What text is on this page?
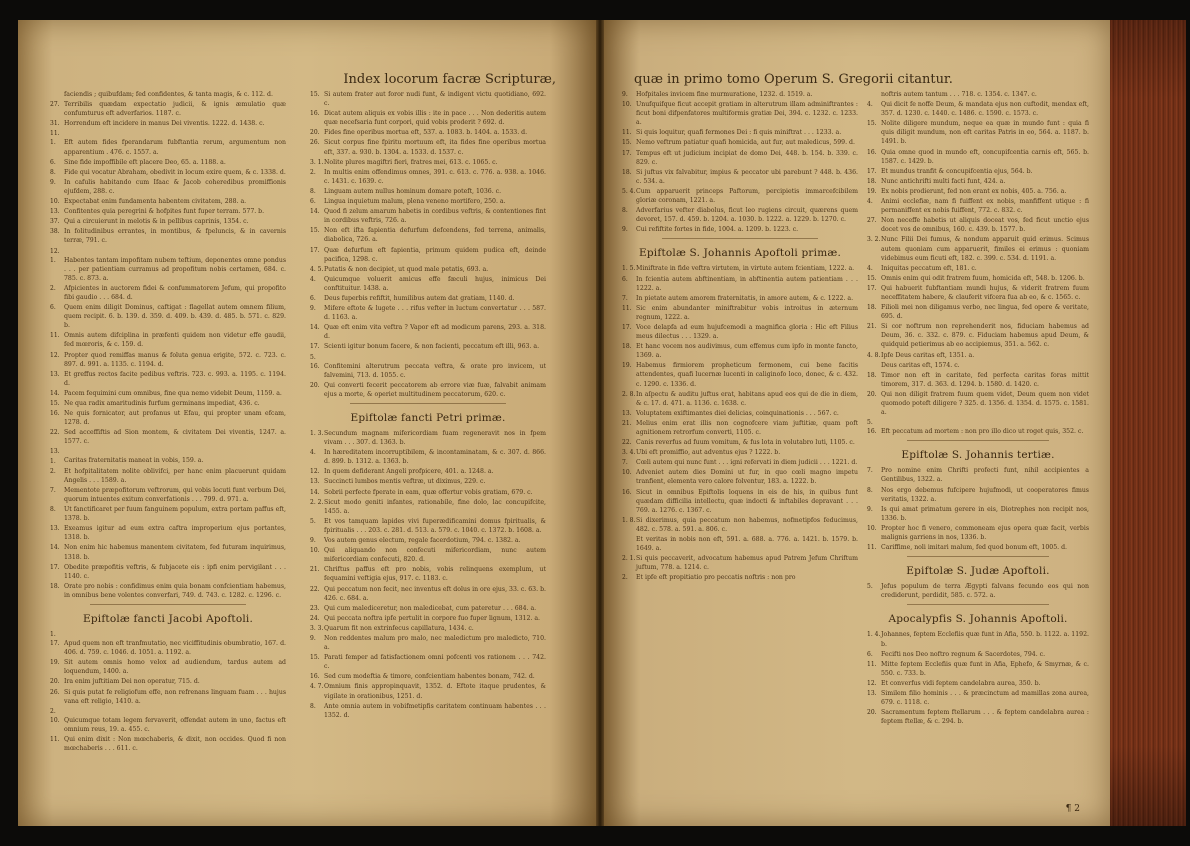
Index locorum facræ Scripturæ,
faciendis ; quibufdam; fed confidentes, & tanta magis, & c. 112. d.
27. Terribilis quædam expectatio judicii, & ignis æmulatio quæ confumturus eft adverfarios. 1187. c.
31. Horrendum eft incidere in manus Dei viventis. 1222. d. 1438. c.
11. 1. Eft autem fides fperandarum fubftantia rerum, argumentum non apparentium . 476. c. 1557. a.
6. Sine fide impoffibile eft placere Deo, 65. a. 1188. a.
8. Fide qui vocatur Abraham, obedivit in locum exire quem, & c. 1338. d.
9. In cafulis habitando cum Ifaac & Jacob coheredibus promiffionis ejufdem, 288. c.
10. Expectabat enim fundamenta habentem civitatem, 288. a.
13. Confitentes quia peregrini & hofpites funt fuper terram. 577. b.
37. Qui a circuierunt in melotis & in pellibus caprinis, 1354. c.
38. In folitudinibus errantes, in montibus, & fpeluncis, & in cavernis terræ, 791. c.
12. 1. Habentes tantam impofitam nubem teftium, deponentes omne pondus . . . per patientiam curramus ad propofitum nobis certamen, 684. c. 785. c. 873. a.
2. Afpicientes in auctorem fidei & confummatorem Jefum, qui propofito fibi gaudio . . . 684. d.
6. Quem enim diligit Dominus, caftigat : flagellat autem omnem filium, quem recipit. 6. b. 139. d. 359. d. 409. b. 439. d. 485. b. 571. c. 829. b.
11. Omnis autem difciplina in præfenti quidem non videtur effe gaudii, fed mœroris, & c. 159. d.
12. Propter quod remiffas manus & foluta genua erigite, 572. c. 723. c. 897. d. 991. a. 1135. c. 1194. d.
13. Et greffus rectos facite pedibus veftris. 723. c. 993. a. 1195. c. 1194. d.
14. Pacem fequimini cum omnibus, fine qua nemo videbit Deum, 1159. a.
15. Ne qua radix amaritudinis furfum germinans impediat, 436. c.
16. Ne quis fornicator, aut profanus ut Efau, qui propter unam efcam, 1278. d.
22. Sed acceffiftis ad Sion montem, & civitatem Dei viventis, 1247. a. 1577. c.
13. 1. Caritas fraternitatis maneat in vobis, 159. a.
2. Et hofpitalitatem nolite oblivifci, per hanc enim placuerunt quidam Angelis . . . 1589. a.
7. Mementote præpofitorum veftrorum, qui vobis locuti funt verbum Dei, quorum intuentes exitum converfationis . . . 799. d. 971. a.
8. Ut fanctificaret per fuum fanguinem populum, extra portam paffus eft, 1378. b.
13. Exeamus igitur ad eum extra caftra improperium ejus portantes, 1318. b.
14. Non enim hic habemus manentem civitatem, fed futuram inquirimus, 1318. b.
17. Obedite præpofitis veftris, & fubjacete eis : ipfi enim pervigilant . . . 1140. c.
18. Orate pro nobis : confidimus enim quia bonam confcientiam habemus, in omnibus bene volentes converfari, 749. d. 743. c. 1282. c. 1296. c.
Epiftolæ fancti Jacobi Apoftoli.
1. 17. Apud quem non eft tranfmutatio, nec viciffitudinis obumbratio, 167. d. 406. d. 759. c. 1046. d. 1051. a. 1192. a.
19. Sit autem omnis homo velox ad audiendum, tardus autem ad loquendum, 1400. a.
20. Ira enim juftitiam Dei non operatur, 715. d.
26. Si quis putat fe religiofum effe, non refrenans linguam fuam . . . hujus vana eft religio, 1410. a.
2. 10. Quicumque totam legem fervaverit, offendat autem in uno, factus eft omnium reus, 19. a. 455. c.
11. Qui enim dixit : Non mœchaberis, & dixit, non occides. Quod fi non mœchaberis . . . 611. c.
15. Si autem frater aut foror nudi funt, & indigent victu quotidiano, 692. c.
16. Dicat autem aliquis ex vobis illis : ite in pace . . . Non dederitis autem quæ necefsaria funt corpori, quid vobis proderit ? 692. d.
20. Fides fine operibus mortua eft, 537. a. 1083. b. 1404. a. 1533. d.
26. Sicut corpus fine fpiritu mortuum eft, ita fides fine operibus mortua eft, 337. a. 930. b. 1304. a. 1533. d. 1537. c.
3. 1.Nolite plures magiftri fieri, fratres mei, 613. c. 1065. c.
2. In multis enim offendimus omnes, 391. c. 613. c. 776. a. 938. a. 1046. c. 1431. c. 1639. c.
8. Linguam autem nullus hominum domare poteft, 1036. c.
6. Lingua inquietum malum, plena veneno mortifero, 250. a.
14. Quod fi zelum amarum habetis in cordibus veftris, & contentiones fint in cordibus veftris, 726. a.
15. Non eft ifta fapientia defurfum defcendens, fed terrena, animalis, diabolica, 726. a.
17. Quæ defurfum eft fapientia, primum quidem pudica eft, deinde pacifica, 1298. c.
4. 5.Putatis & non decipiet, ut quod male petatis, 693. a.
4. Quicumque voluerit amicus effe fæculi hujus, inimicus Dei conftituitur. 1438. a.
6. Deus fuperbis refiftit, humilibus autem dat gratiam, 1140. d.
9. Mifere eftote & lugete . . . rifus vefter in luctum convertatur . . . 587. d. 1163. a.
14. Quæ eft enim vita veftra ? Vapor eft ad modicum parens, 293. a. 318. d.
17. Scienti igitur bonum facere, & non facienti, peccatum eft illi, 963. a.
5. 16. Confitemini alterutrum peccata veftra, & orate pro invicem, ut falvemini, 713. d. 1055. c.
20. Qui converti fecerit peccatorem ab errore viæ fuæ, falvabit animam ejus a morte, & operiet multitudinem peccatorum, 620. c.
Epiftolæ fancti Petri primæ.
1. 3.Secundum magnam mifericordiam fuam regeneravit nos in fpem vivam . . . 307. d. 1363. b.
4. In hæreditatem incorruptibilem, & incontaminatam, & c. 307. d. 866. d. 899. b. 1312. a. 1363. b.
12. In quem defiderant Angeli profpicere, 401. a. 1248. a.
13. Succincti lumbos mentis veftræ, ut diximus, 229. c.
14. Sobrii perfecte fperate in eam, quæ offertur vobis gratiam, 679. c.
2. 2.Sicut modo geniti infantes, rationabile, fine dolo, lac concupifcite, 1455. a.
5. Et vos tamquam lapides vivi fuperædificamini domus fpiritualis, & fpiritualis . . . 203. c. 281. d. 513. a. 579. c. 1040. c. 1372. b. 1608. a.
9. Vos autem genus electum, regale facerdotium, 794. c. 1382. a.
10. Qui aliquando non confecuti mifericordiam, nunc autem mifericordiam confecuti, 820. d.
21. Chriftus paffus eft pro nobis, vobis relinquens exemplum, ut fequamini veftigia ejus, 917. c. 1183. c.
22. Qui peccatum non fecit, nec inventus eft dolus in ore ejus, 33. c. 63. b. 426. c. 684. a.
23. Qui cum malediceretur, non maledicebat, cum pateretur . . . 684. a.
24. Qui peccata noftra ipfe pertulit in corpore fuo fuper lignum, 1312. a.
3. 3.Quarum fit non extrinfecus capillatura, 1434. c.
9. Non reddentes malum pro malo, nec maledictum pro maledicto, 710. a.
15. Parati femper ad fatisfactionem omni pofcenti vos rationem . . . 742. c.
16. Sed cum modeftia & timore, confcientiam habentes bonam, 742. d.
4. 7.Omnium finis appropinquavit, 1352. d. Eftote itaque prudentes, & vigilate in orationibus, 1251. d.
8. Ante omnia autem in vobifmetipfis caritatem continuam habentes . . . 1352. d.
quæ in primo tomo Operum S. Gregorii citantur.
9. Hofpitales invicem fine murmuratione, 1232. d. 1519. a.
10. Unufquifque ficut accepit gratiam in alterutrum illam adminiftrantes : ficut boni difpenfatores multiformis gratiæ Dei, 394. c. 1232. c. 1233. a.
11. Si quis loquitur, quafi fermones Dei : fi quis miniftrat . . . 1233. a.
15. Nemo veftrum patiatur quafi homicida, aut fur, aut maledicus, 599. d.
17. Tempus eft ut judicium incipiat de domo Dei, 448. b. 154. b. 339. c. 829. c.
18. Si juftus vix falvabitur, impius & peccator ubi parebunt ? 448. b. 436. c. 534. a.
5. 4.Cum apparuerit princeps Paftorum, percipietis immarcefcibilem gloriæ coronam, 1221. a.
8. Adverfarius vefter diabolus, ficut leo rugiens circuit, quærens quem devoret, 157. d. 459. b. 1204. a. 1030. b. 1222. a. 1229. b. 1270. c.
9. Cui refiftite fortes in fide, 1004. a. 1209. b. 1223. c.
Epiftolæ S. Johannis Apoftoli primæ.
1. 5.Miniftrate in fide veftra virtutem, in virtute autem fcientiam, 1222. a.
6. In fcientia autem abftinentiam, in abftinentia autem patientiam . . . 1222. a.
7. In pietate autem amorem fraternitatis, in amore autem, & c. 1222. a.
11. Sic enim abundanter miniftrabitur vobis introitus in æternum regnum, 1222. a.
17. Voce delapfa ad eum hujufcemodi a magnifica gloria : Hic eft Filius meus dilectus . . . 1329. a.
18. Et hanc vocem nos audivimus, cum effemus cum ipfo in monte fancto, 1369. a.
19. Habemus firmiorem propheticum fermonem, cui bene facitis attendentes, quafi lucernæ lucenti in caliginofo loco, donec, & c. 432. c. 1290. c. 1336. d.
2. 8.In aſpectu & auditu juftus erat, habitans apud eos qui de die in diem, & c. 17. d. 471. a. 1136. c. 1638. c.
13. Voluptatem exiftimantes diei delicias, coinquinationis . . . 567. c.
21. Melius enim erat illis non cognofcere viam juftitiæ, quam poft agnitionem retrorfum converti, 1105. c.
22. Canis reverfus ad fuum vomitum, & fus lota in volutabro luti, 1105. c.
3. 4.Ubi eft promiffio, aut adventus ejus ? 1222. b.
7. Cœli autem qui nunc funt . . . igni refervati in diem judicii . . . 1221. d.
10. Adveniet autem dies Domini ut fur, in quo cœli magno impetu tranfient, elementa vero calore folventur, 183. a. 1222. b.
16. Sicut in omnibus Epiftolis loquens in eis de his, in quibus funt quædam difficilia intellectu, quæ indocti & inftabiles depravant . . . 769. a. 1276. c. 1367. c.
1. 8.Si dixerimus, quia peccatum non habemus, nofmetipfos feducimus, 482. c. 578. a. 591. a. 806. c.
Et veritas in nobis non eft, 591. a. 688. a. 776. a. 1421. b. 1579. b. 1649. a.
2. 1.Si quis peccaverit, advocatum habemus apud Patrem Jefum Chriftum juftum, 778. a. 1214. c.
2. Et ipfe eft propitiatio pro peccatis noftris : non pro
noftris autem tantum . . . 718. c. 1354. c. 1347. c.
4. Qui dicit fe noffe Deum, & mandata ejus non cuftodit, mendax eft, 357. d. 1230. c. 1440. c. 1486. c. 1590. c. 1573. c.
15. Nolite diligere mundum, neque ea quæ in mundo funt : quia fi quis diligit mundum, non eft caritas Patris in eo, 564. a. 1187. b. 1491. b.
16. Quia omne quod in mundo eft, concupifcentia carnis eft, 565. b. 1587. c. 1429. b.
17. Et mundus tranfit & concupifcentia ejus, 564. b.
18. Nunc antichrifti multi facti funt, 424. a.
19. Ex nobis prodierunt, fed non erant ex nobis, 405. a. 756. a.
4. Animi ecclefiæ, nam fi fuiffent ex nobis, manfiffent utique : fi permaniffent ex nobis fuiffent, 772. c. 832. c.
27. Non neceffe habetis ut aliquis doceat vos, fed ficut unctio ejus docet vos de omnibus, 160. c. 439. b. 1577. b.
3. 2.Nunc Filii Dei fumus, & nondum apparuit quid erimus. Scimus autem quoniam cum apparuerit, fimiles ei erimus : quoniam videbimus eum ficuti eft, 182. c. 399. c. 534. d. 1191. a.
4. Iniquitas peccatum eft, 181. c.
15. Omnis enim qui odit fratrem fuum, homicida eft, 548. b. 1206. b.
17. Qui habuerit fubftantiam mundi hujus, & viderit fratrem fuum neceffitatem habere, & clauferit vifcera fua ab eo, & c. 1565. c.
18. Filioli mei non diligamus verbo, nec lingua, fed opere & veritate, 695. d.
21. Si cor noftrum non reprehenderit nos, fiduciam habemus ad Deum, 36. c. 332. c. 879. c. Fiduciam habemus apud Deum, & quidquid petierimus ab eo accipiemus, 351. a. 562. c.
4. 8.Ipfe Deus caritas eft, 1351. a.
Deus caritas eft, 1574. c.
18. Timor non eft in caritate, fed perfecta caritas foras mittit timorem, 317. d. 363. d. 1294. b. 1580. d. 1420. c.
20. Qui non diligit fratrem fuum quem videt, Deum quem non videt quomodo poteft diligere ? 325. d. 1356. d. 1354. d. 1575. c. 1581. a.
5. 16. Eft peccatum ad mortem : non pro illo dico ut roget quis, 352. c.
Epiftolæ S. Johannis tertiæ.
7. Pro nomine enim Chrifti profecti funt, nihil accipientes a Gentilibus, 1322. a.
8. Nos ergo debemus fufcipere hujufmodi, ut cooperatores fimus veritatis, 1322. a.
9. Is qui amat primatum gerere in eis, Diotrephes non recipit nos, 1336. b.
10. Propter hoc fi venero, commoneam ejus opera quæ facit, verbis malignis garriens in nos, 1336. b.
11. Cariffime, noli imitari malum, fed quod bonum eft, 1005. d.
Epiftolæ S. Judæ Apoftoli.
5. Jefus populum de terra Ægypti falvans fecundo eos qui non crediderunt, perdidit, 585. c. 572. a.
Apocalypfis S. Johannis Apoftoli.
1. 4.Johannes, feptem Ecclefiis quæ funt in Afia, 550. b. 1122. a. 1192. b.
6. Fecifti nos Deo noftro regnum & Sacerdotes, 794. c.
11. Mitte feptem Ecclefiis quæ funt in Afia, Ephefo, & Smyrnæ, & c. 550. c. 733. b.
12. Et converfus vidi feptem candelabra aurea, 350. b.
13. Similem filio hominis . . . & præcinctum ad mamillas zona aurea, 679. c. 1118. c.
20. Sacramentum feptem ftellarum . . . & feptem candelabra aurea : feptem ftellæ, & c. 294. b.
¶ 2
